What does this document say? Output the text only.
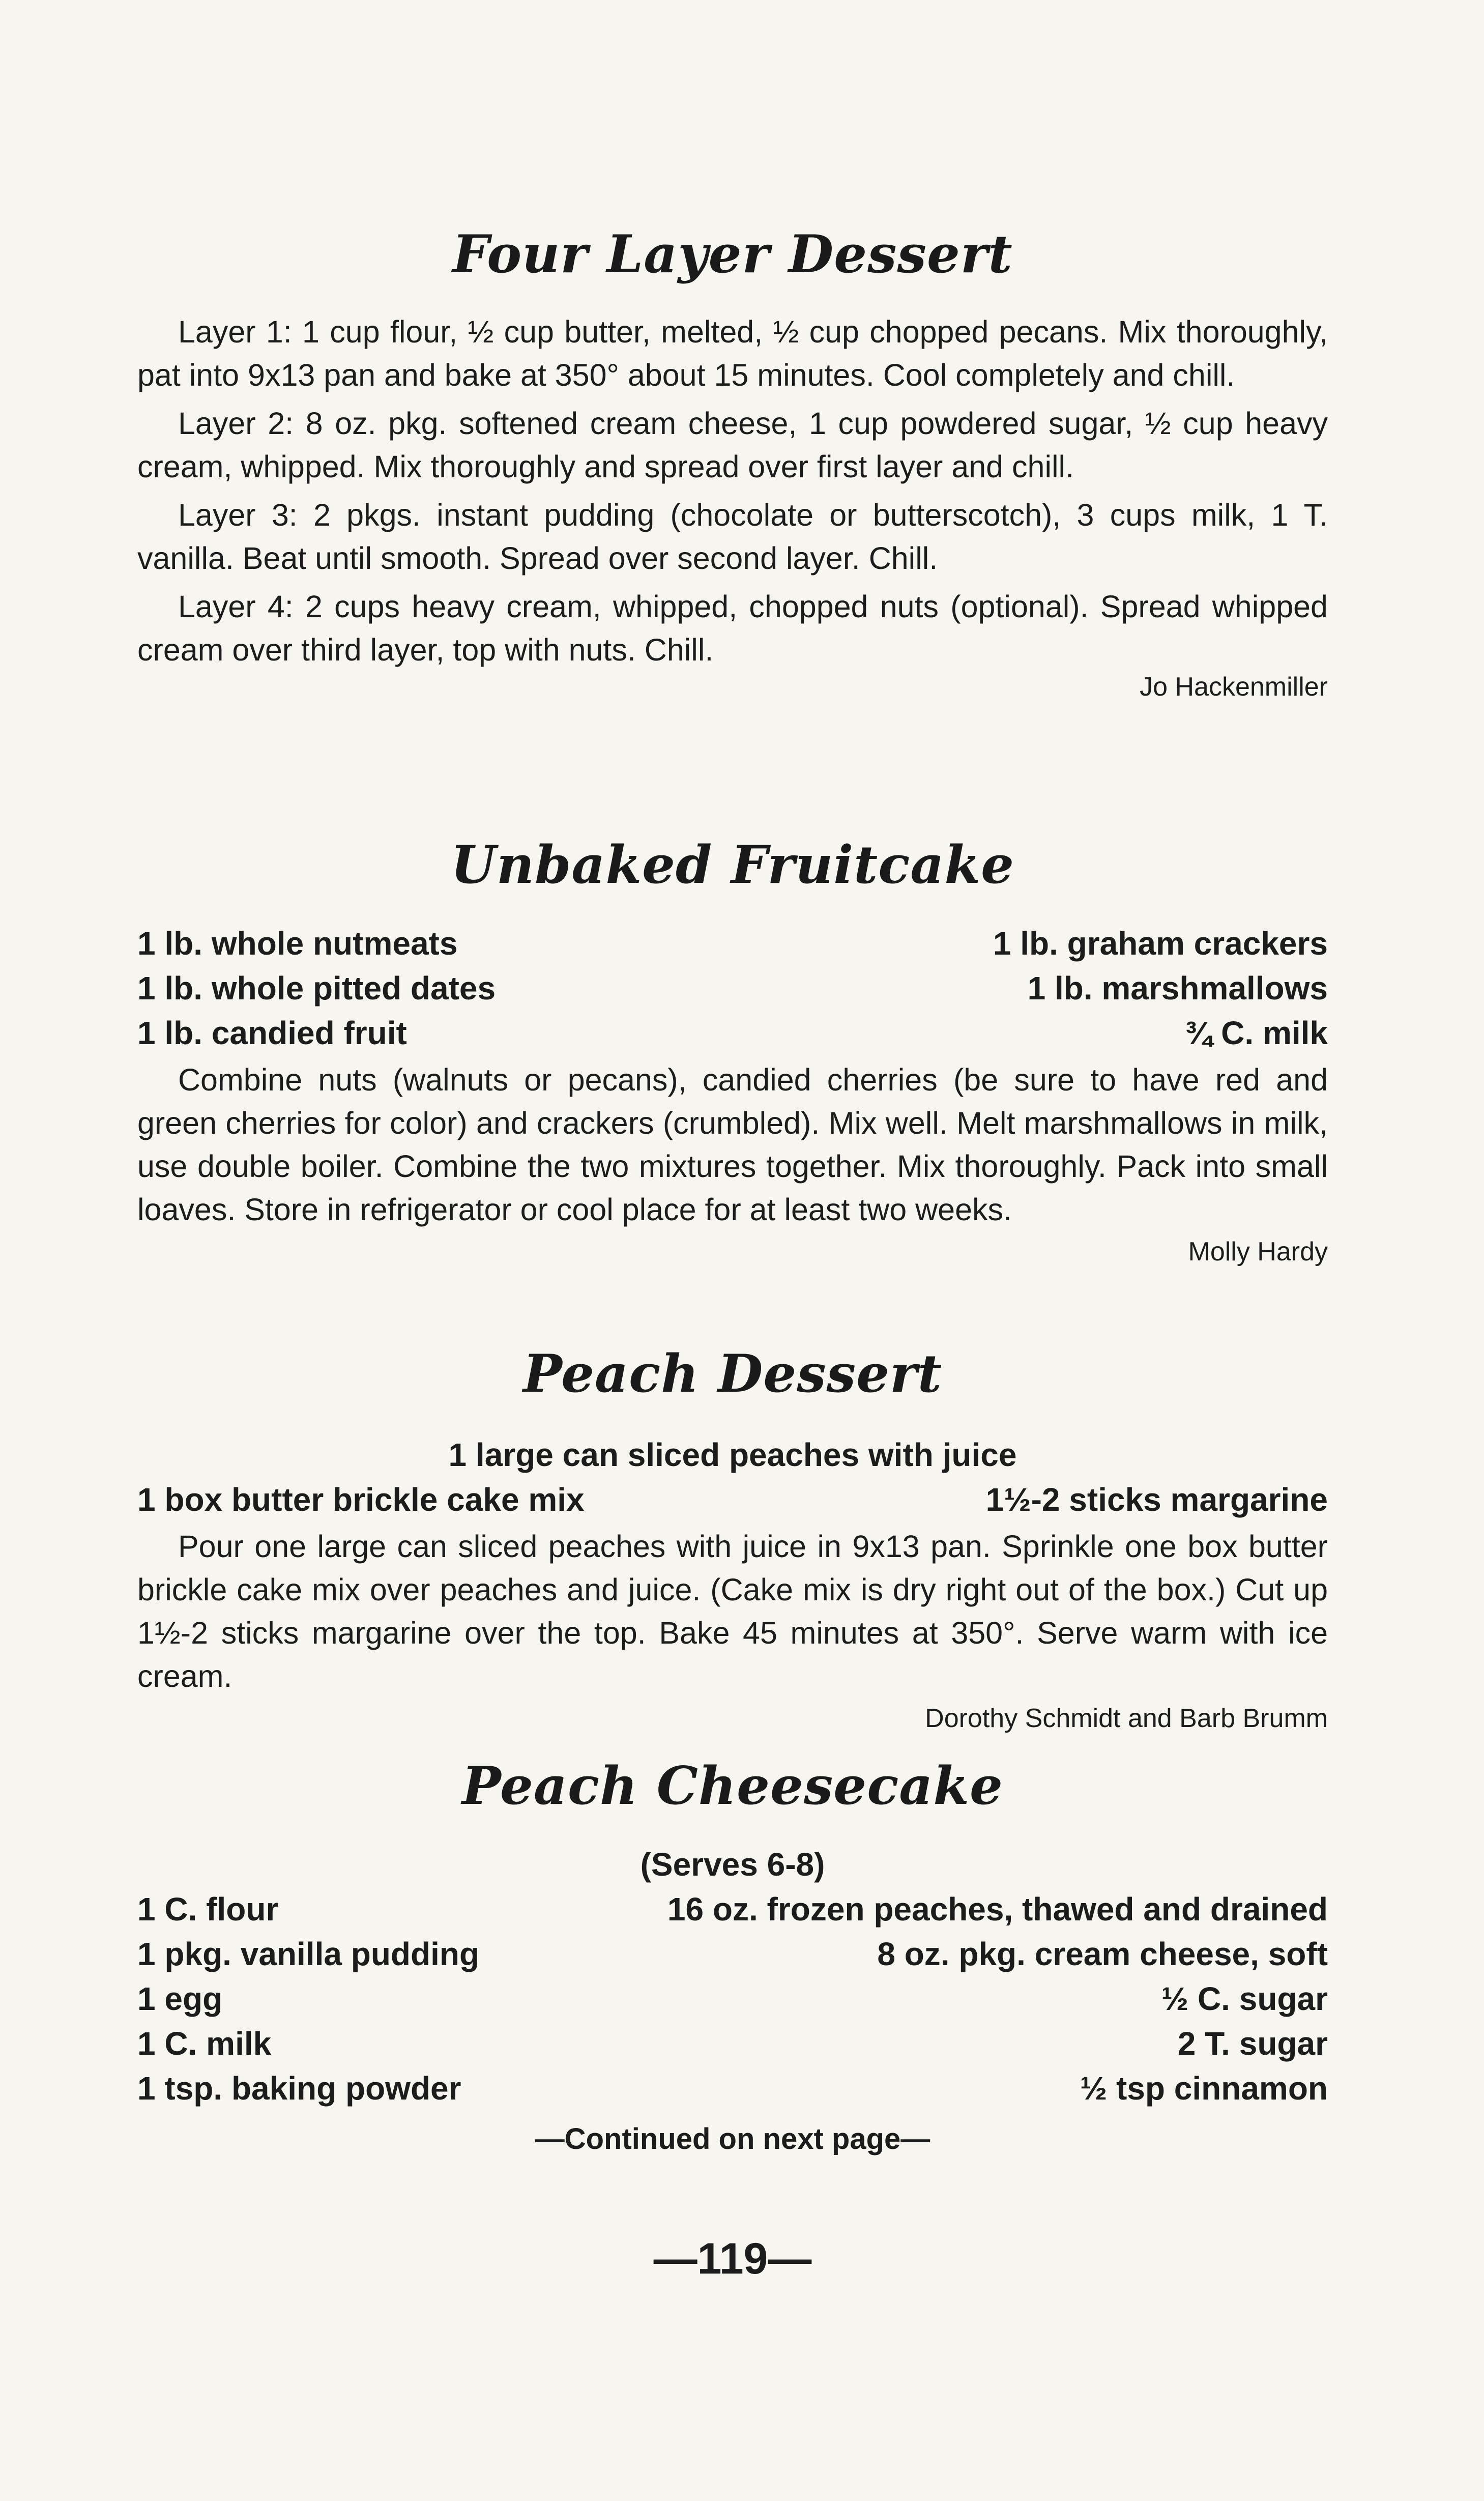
Four Layer Dessert

Layer 1: 1 cup flour, ½ cup butter, melted, ½ cup chopped pecans. Mix thoroughly, pat into 9x13 pan and bake at 350° about 15 minutes. Cool completely and chill.

Layer 2: 8 oz. pkg. softened cream cheese, 1 cup powdered sugar, ½ cup heavy cream, whipped. Mix thoroughly and spread over first layer and chill.

Layer 3: 2 pkgs. instant pudding (chocolate or butterscotch), 3 cups milk, 1 T. vanilla. Beat until smooth. Spread over second layer. Chill.

Layer 4: 2 cups heavy cream, whipped, chopped nuts (optional). Spread whipped cream over third layer, top with nuts. Chill.

Jo Hackenmiller

Unbaked Fruitcake
1 lb. whole nutmeats	1 lb. graham crackers
1 lb. whole pitted dates	1 lb. marshmallows
1 lb. candied fruit	¾ C. milk

Combine nuts (walnuts or pecans), candied cherries (be sure to have red and green cherries for color) and crackers (crumbled). Mix well. Melt marshmallows in milk, use double boiler. Combine the two mixtures together. Mix thoroughly. Pack into small loaves. Store in refrigerator or cool place for at least two weeks.

Molly Hardy

Peach Dessert
1 large can sliced peaches with juice
1 box butter brickle cake mix	1½-2 sticks margarine

Pour one large can sliced peaches with juice in 9x13 pan. Sprinkle one box butter brickle cake mix over peaches and juice. (Cake mix is dry right out of the box.) Cut up 1½-2 sticks margarine over the top. Bake 45 minutes at 350°. Serve warm with ice cream.

Dorothy Schmidt and Barb Brumm

Peach Cheesecake
(Serves 6-8)
1 C. flour	16 oz. frozen peaches, thawed and drained
1 pkg. vanilla pudding	8 oz. pkg. cream cheese, soft
1 egg	½ C. sugar
1 C. milk	2 T. sugar
1 tsp. baking powder	½ tsp cinnamon
—Continued on next page—
—119—
